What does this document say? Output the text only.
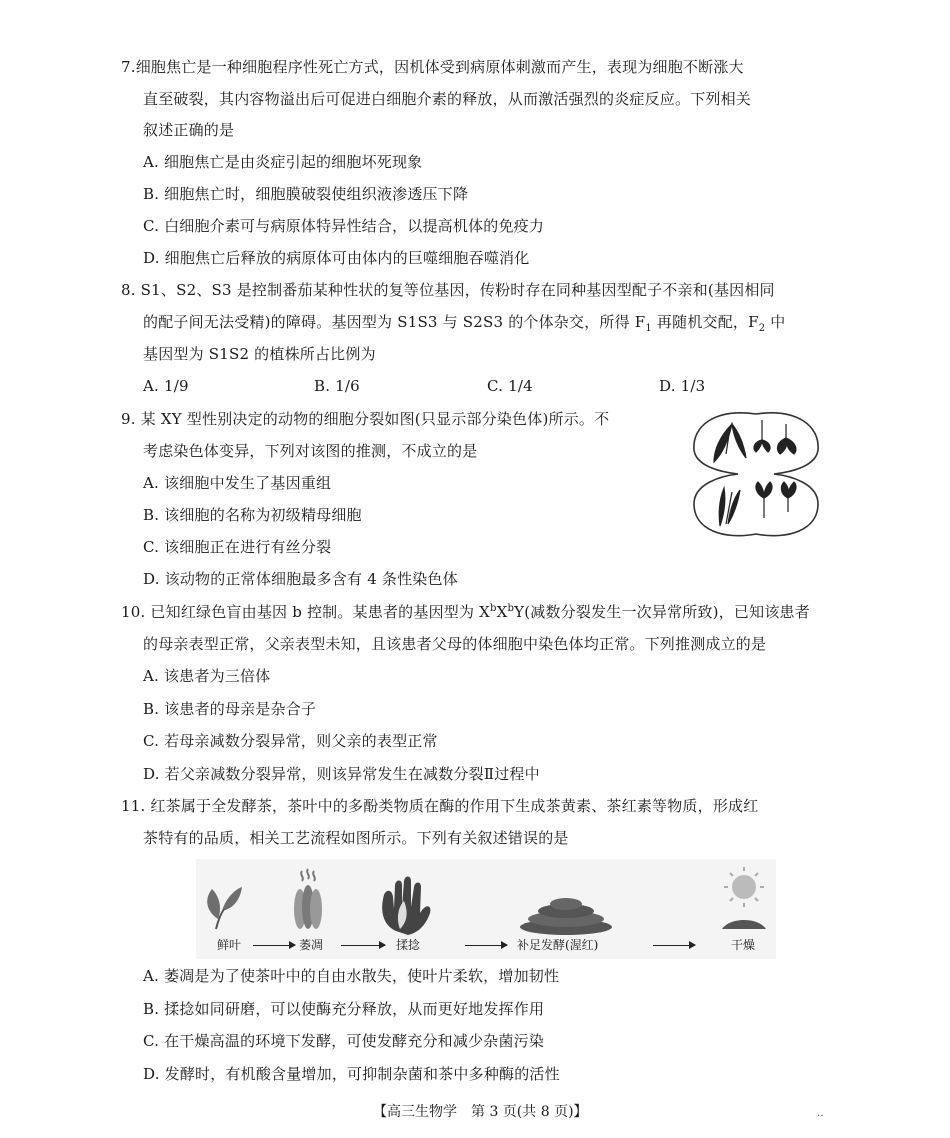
7.细胞焦亡是一种细胞程序性死亡方式，因机体受到病原体刺激而产生，表现为细胞不断涨大
直至破裂，其内容物溢出后可促进白细胞介素的释放，从而激活强烈的炎症反应。下列相关
叙述正确的是
A. 细胞焦亡是由炎症引起的细胞坏死现象
B. 细胞焦亡时，细胞膜破裂使组织液渗透压下降
C. 白细胞介素可与病原体特异性结合，以提高机体的免疫力
D. 细胞焦亡后释放的病原体可由体内的巨噬细胞吞噬消化
8. S1、S2、S3 是控制番茄某种性状的复等位基因，传粉时存在同种基因型配子不亲和(基因相同
的配子间无法受精)的障碍。基因型为 S1S3 与 S2S3 的个体杂交，所得 $F_1$ 再随机交配，$F_2$ 中
基因型为 S1S2 的植株所占比例为
A. 1/9	B. 1/6	C. 1/4	D. 1/3
9. 某 XY 型性别决定的动物的细胞分裂如图(只显示部分染色体)所示。不
考虑染色体变异，下列对该图的推测，不成立的是
A. 该细胞中发生了基因重组
B. 该细胞的名称为初级精母细胞
C. 该细胞正在进行有丝分裂
D. 该动物的正常体细胞最多含有 4 条性染色体
10. 已知红绿色盲由基因 b 控制。某患者的基因型为 $X^bX^bY$(减数分裂发生一次异常所致)，已知该患者
的母亲表型正常，父亲表型未知，且该患者父母的体细胞中染色体均正常。下列推测成立的是
A. 该患者为三倍体
B. 该患者的母亲是杂合子
C. 若母亲减数分裂异常，则父亲的表型正常
D. 若父亲减数分裂异常，则该异常发生在减数分裂Ⅱ过程中
11. 红茶属于全发酵茶，茶叶中的多酚类物质在酶的作用下生成茶黄素、茶红素等物质，形成红
茶特有的品质，相关工艺流程如图所示。下列有关叙述错误的是
鲜叶	萎凋	揉捻	补足发酵(渥红)	干燥
A. 萎凋是为了使茶叶中的自由水散失，使叶片柔软，增加韧性
B. 揉捻如同研磨，可以使酶充分释放，从而更好地发挥作用
C. 在干燥高温的环境下发酵，可使发酵充分和减少杂菌污染
D. 发酵时，有机酸含量增加，可抑制杂菌和茶中多种酶的活性
【高三生物学　第 3 页(共 8 页)】	‥
